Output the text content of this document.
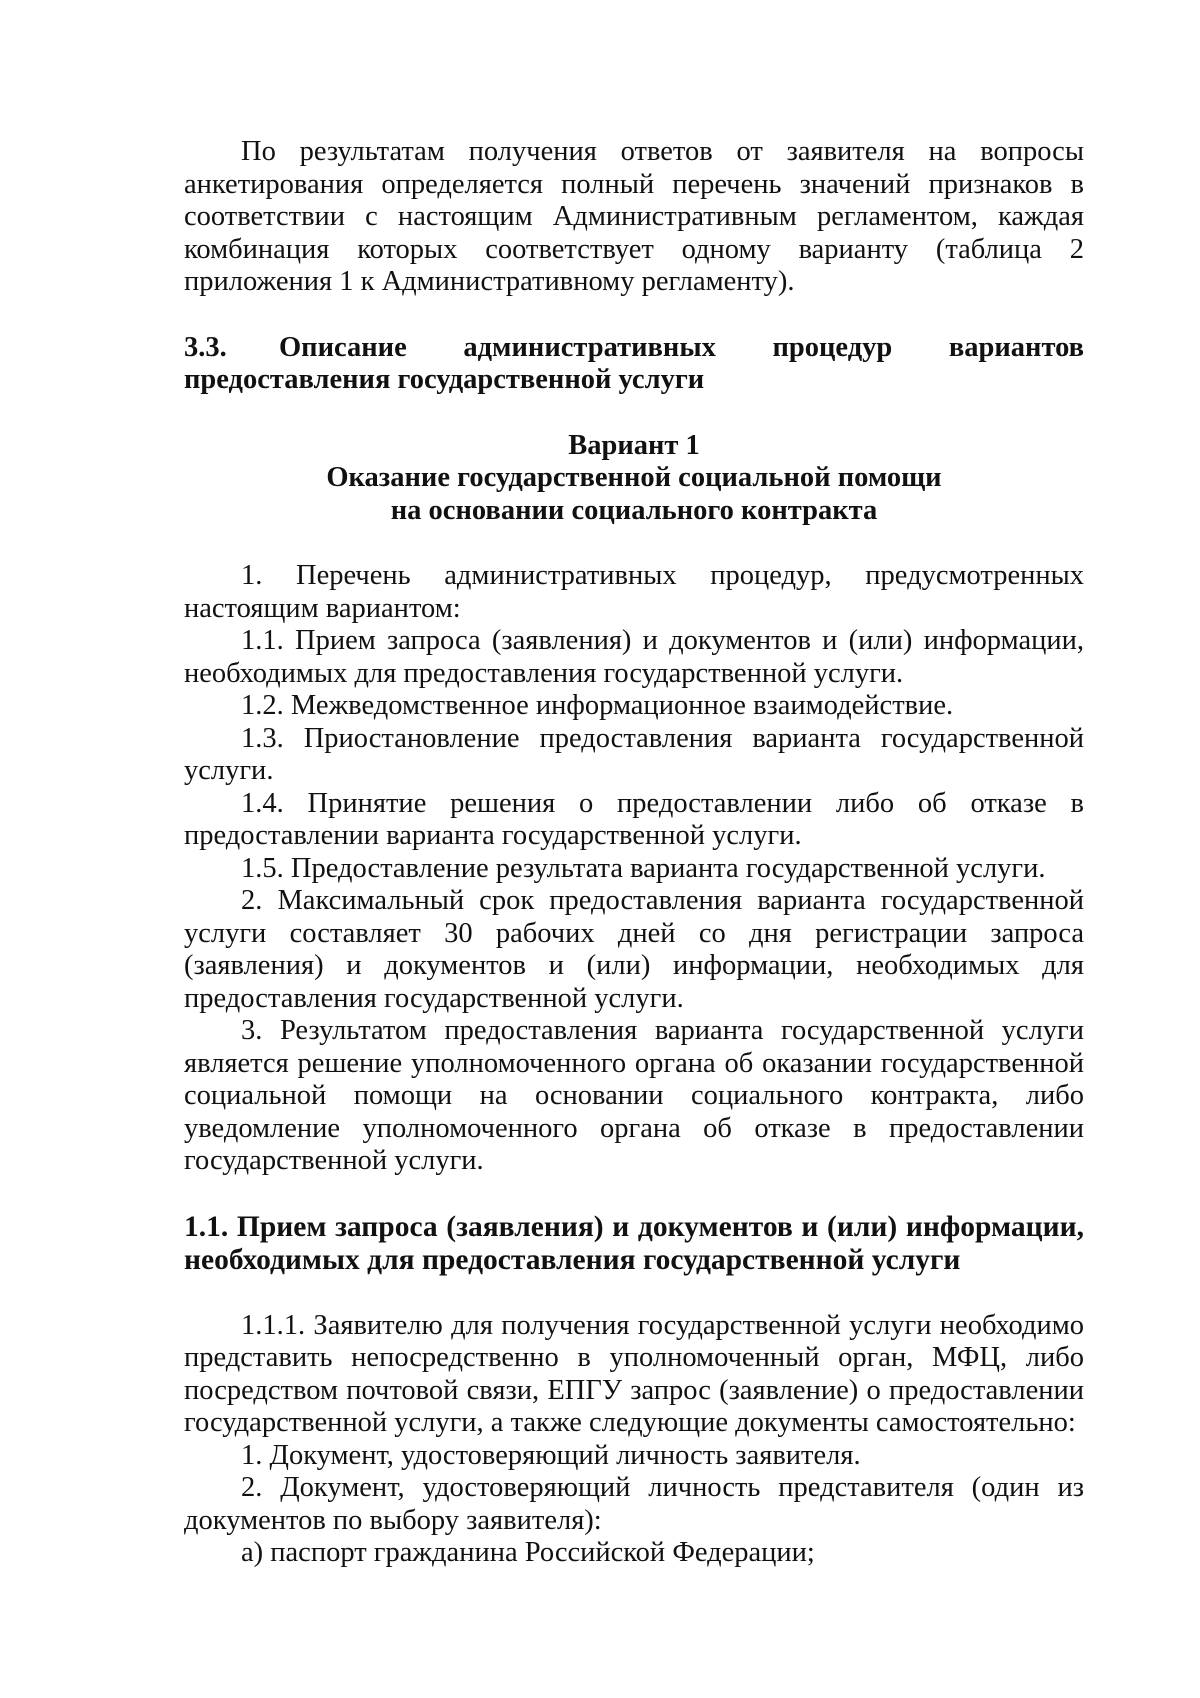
По результатам получения ответов от заявителя на вопросы анкетирования определяется полный перечень значений признаков в соответствии с настоящим Административным регламентом, каждая комбинация которых соответствует одному варианту (таблица 2 приложения 1 к Административному регламенту).

3.3. Описание административных процедур вариантов предоставления государственной услуги

Вариант 1
Оказание государственной социальной помощи
на основании социального контракта

1. Перечень административных процедур, предусмотренных настоящим вариантом:

1.1. Прием запроса (заявления) и документов и (или) информации, необходимых для предоставления государственной услуги.

1.2. Межведомственное информационное взаимодействие.

1.3. Приостановление предоставления варианта государственной услуги.

1.4. Принятие решения о предоставлении либо об отказе в предоставлении варианта государственной услуги.

1.5. Предоставление результата варианта государственной услуги.

2. Максимальный срок предоставления варианта государственной услуги составляет 30 рабочих дней со дня регистрации запроса (заявления) и документов и (или) информации, необходимых для предоставления государственной услуги.

3. Результатом предоставления варианта государственной услуги является решение уполномоченного органа об оказании государственной социальной помощи на основании социального контракта, либо уведомление уполномоченного органа об отказе в предоставлении государственной услуги.

1.1. Прием запроса (заявления) и документов и (или) информации, необходимых для предоставления государственной услуги

1.1.1. Заявителю для получения государственной услуги необходимо представить непосредственно в уполномоченный орган, МФЦ, либо посредством почтовой связи, ЕПГУ запрос (заявление) о предоставлении государственной услуги, а также следующие документы самостоятельно:

1. Документ, удостоверяющий личность заявителя.

2. Документ, удостоверяющий личность представителя (один из документов по выбору заявителя):

а) паспорт гражданина Российской Федерации;
